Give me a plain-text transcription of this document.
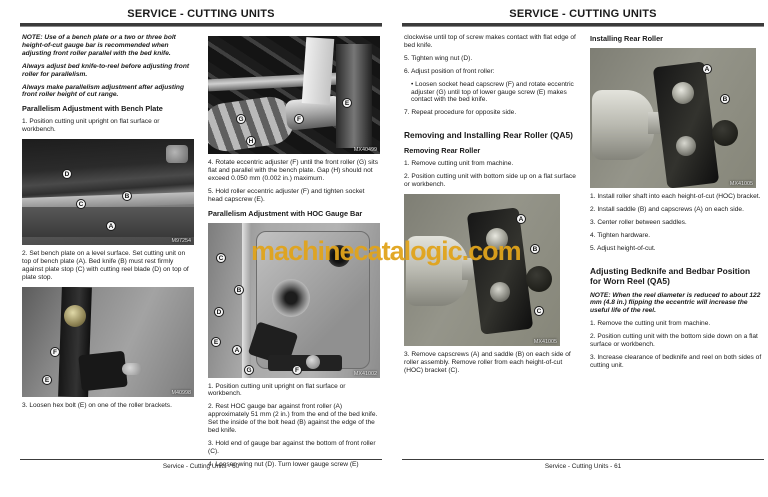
SERVICE - CUTTING UNITS

NOTE: Use of a bench plate or a two or three bolt height-of-cut gauge bar is recommended when adjusting front roller parallel with the bed knife.

Always adjust bed knife-to-reel before adjusting front roller for parallelism.

Always make parallelism adjustment after adjusting front roller height of cut range.

Parallelism Adjustment with Bench Plate

1. Position cutting unit upright on flat surface or workbench.

D
C
B
A
M97254

2. Set bench plate on a level surface. Set cutting unit on top of bench plate (A). Bed knife (B) must rest firmly against plate stop (C) with cutting reel blade (D) on top of plate stop.

F
E
M40998

3. Loosen hex bolt (E) on one of the roller brackets.

G
H
F
E
MX40499

4. Rotate eccentric adjuster (F) until the front roller (G) sits flat and parallel with the bench plate. Gap (H) should not exceed 0.050 mm (0.002 in.) maximum.

5. Hold roller eccentric adjuster (F) and tighten socket head capscrew (E).

Parallelism Adjustment with HOC Gauge Bar
C
B
D
E
A
G	F	MX41002

1. Position cutting unit upright on flat surface or workbench.

2. Rest HOC gauge bar against front roller (A) approximately 51 mm (2 in.) from the end of the bed knife. Set the inside of the bolt head (B) against the edge of the bed knife.

3. Hold end of gauge bar against the bottom of front roller (C).

4. Loosen wing nut (D). Turn lower gauge screw (E)

Service - Cutting Units - 60
SERVICE - CUTTING UNITS

clockwise until top of screw makes contact with flat edge of bed knife.

5. Tighten wing nut (D).

6. Adjust position of front roller:

• Loosen socket head capscrew (F) and rotate eccentric adjuster (G) until top of lower gauge screw (E) makes contact with the bed knife.

7. Repeat procedure for opposite side.

Removing and Installing Rear Roller (QA5)
Removing Rear Roller

1. Remove cutting unit from machine.

2. Position cutting unit with bottom side up on a flat surface or workbench.

A
B
C
MX41005

3. Remove capscrews (A) and saddle (B) on each side of roller assembly. Remove roller from each height-of-cut (HOC) bracket (C).

Installing Rear Roller
A
B
MX41005

1. Install roller shaft into each height-of-cut (HOC) bracket.

2. Install saddle (B) and capscrews (A) on each side.

3. Center roller between saddles.

4. Tighten hardware.

5. Adjust height-of-cut.

Adjusting Bedknife and Bedbar Position for Worn Reel (QA5)

NOTE: When the reel diameter is reduced to about 122 mm (4.8 in.) flipping the eccentric will increase the useful life of the reel.

1. Remove the cutting unit from machine.

2. Position cutting unit with the bottom side down on a flat surface or workbench.

3. Increase clearance of bedknife and reel on both sides of cutting unit.

Service - Cutting Units - 61
machinecatalogic.com
